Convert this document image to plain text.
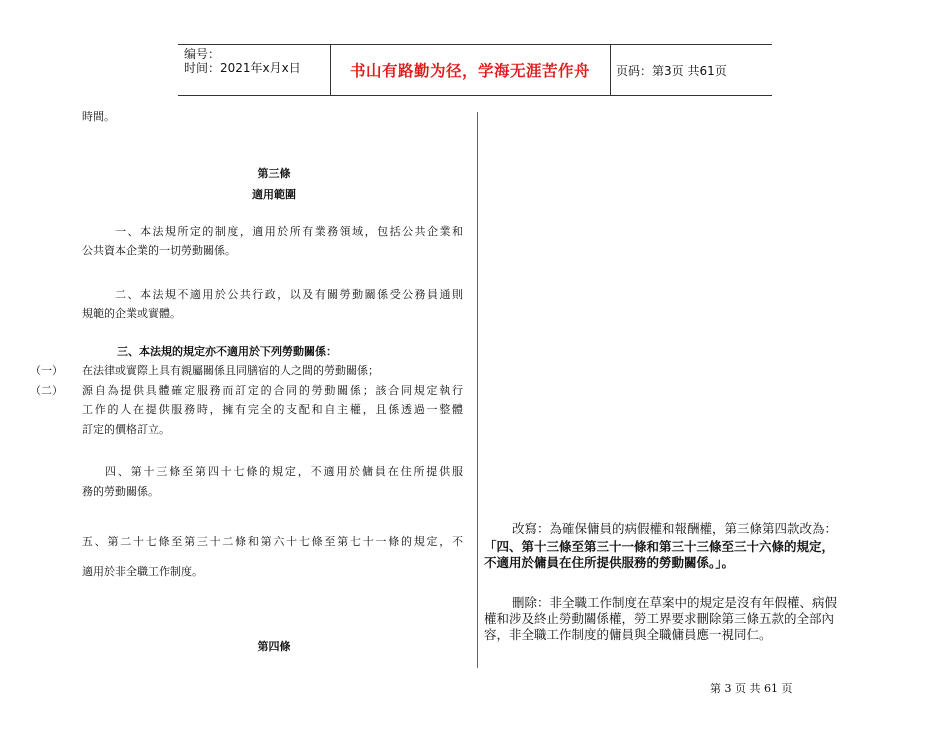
编号：
时间：2021年x月x日	书山有路勤为径，学海无涯苦作舟 页码：第3页 共61页
時間。
第三條
適用範圍
一、本法規所定的制度，適用於所有業務領域，包括公共企業和
公共資本企業的一切勞動關係。
二、本法規不適用於公共行政，以及有關勞動關係受公務員通則
規範的企業或實體。
三、本法規的規定亦不適用於下列勞動關係：
（一） 在法律或實際上具有親屬關係且同膳宿的人之間的勞動關係；
（二） 源自為提供具體確定服務而訂定的合同的勞動關係；該合同規定執行
工作的人在提供服務時，擁有完全的支配和自主權，且係透過一整體
訂定的價格訂立。
四、第十三條至第四十七條的規定，不適用於傭員在住所提供服
務的勞動關係。
五、第二十七條至第三十二條和第六十七條至第七十一條的規定，不
適用於非全職工作制度。
第四條
改寫：為確保傭員的病假權和報酬權，第三條第四款改為：
「四、第十三條至第三十一條和第三十三條至三十六條的規定，
不適用於傭員在住所提供服務的勞動關係。」。
刪除：非全職工作制度在草案中的規定是沒有年假權、病假
權和涉及終止勞動關係權，勞工界要求刪除第三條五款的全部內
容，非全職工作制度的傭員與全職傭員應一視同仁。
第 3 页 共 61 页
